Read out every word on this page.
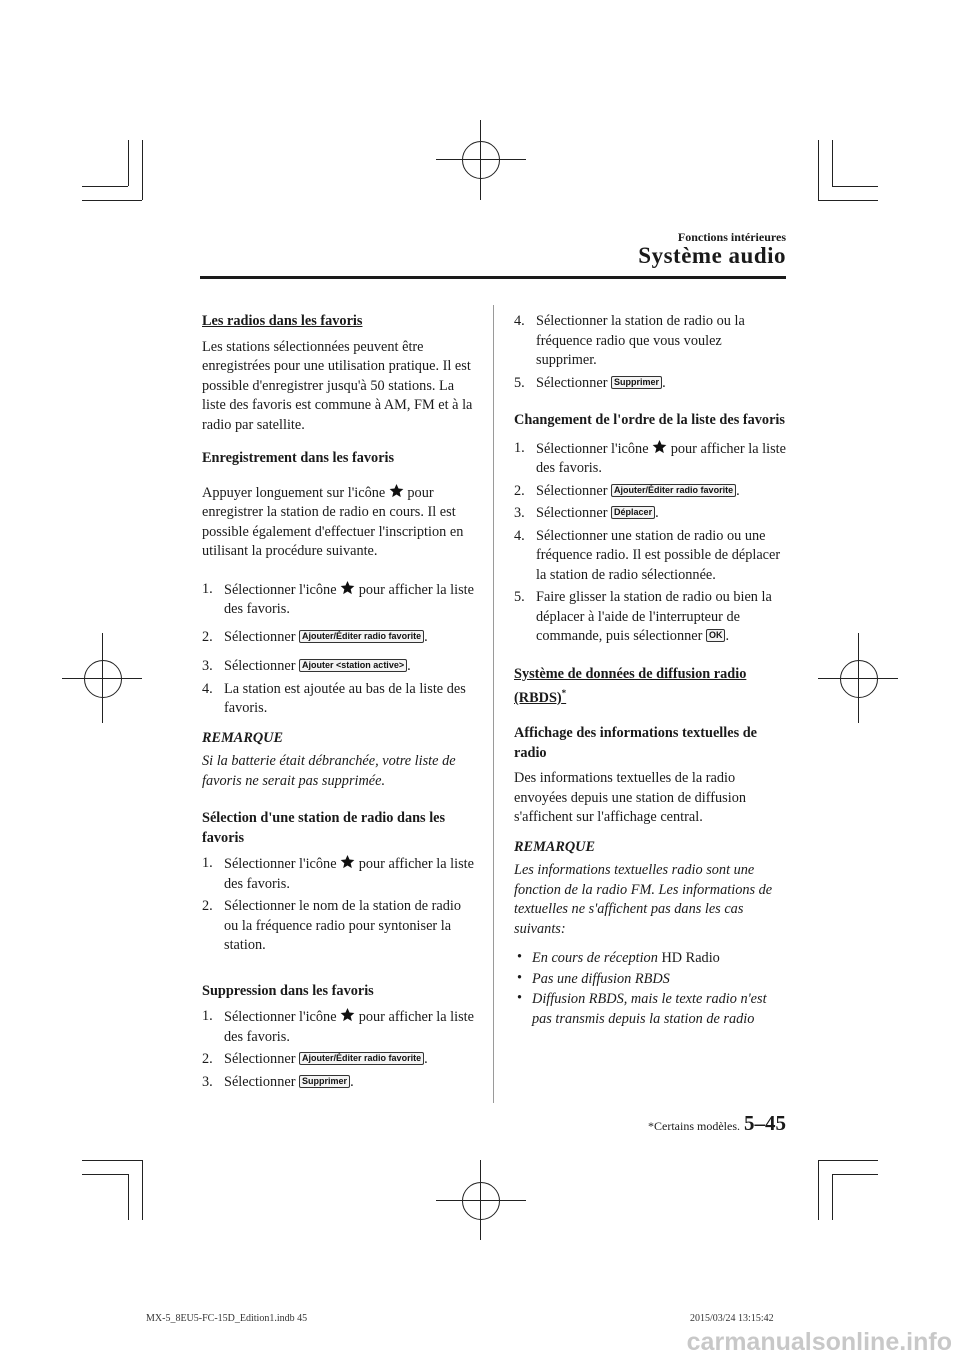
Fonctions intérieures
Système audio
Les radios dans les favoris
Les stations sélectionnées peuvent être enregistrées pour une utilisation pratique. Il est possible d'enregistrer jusqu'à 50 stations. La liste des favoris est commune à AM, FM et à la radio par satellite.
Enregistrement dans les favoris
Appuyer longuement sur l'icône pour enregistrer la station de radio en cours. Il est possible également d'effectuer l'inscription en utilisant la procédure suivante.
1. Sélectionner l'icône pour afficher la liste des favoris.
2. Sélectionner Ajouter/Éditer radio favorite .
3. Sélectionner Ajouter <station active> .
4. La station est ajoutée au bas de la liste des favoris.
REMARQUE
Si la batterie était débranchée, votre liste de favoris ne serait pas supprimée.
Sélection d'une station de radio dans les favoris
1. Sélectionner l'icône pour afficher la liste des favoris.
2. Sélectionner le nom de la station de radio ou la fréquence radio pour syntoniser la station.
Suppression dans les favoris
1. Sélectionner l'icône pour afficher la liste des favoris.
2. Sélectionner Ajouter/Éditer radio favorite .
3. Sélectionner Supprimer .
4. Sélectionner la station de radio ou la fréquence radio que vous voulez supprimer.
5. Sélectionner Supprimer .
Changement de l'ordre de la liste des favoris
1. Sélectionner l'icône pour afficher la liste des favoris.
2. Sélectionner Ajouter/Éditer radio favorite .
3. Sélectionner Déplacer .
4. Sélectionner une station de radio ou une fréquence radio. Il est possible de déplacer la station de radio sélectionnée.
5. Faire glisser la station de radio ou bien la déplacer à l'aide de l'interrupteur de commande, puis sélectionner OK .
Système de données de diffusion radio (RBDS)*
Affichage des informations textuelles de radio
Des informations textuelles de la radio envoyées depuis une station de diffusion s'affichent sur l'affichage central.
REMARQUE
Les informations textuelles radio sont une fonction de la radio FM. Les informations de textuelles ne s'affichent pas dans les cas suivants:
• En cours de réception HD Radio
• Pas une diffusion RBDS
• Diffusion RBDS, mais le texte radio n'est pas transmis depuis la station de radio
*Certains modèles. 5–45
MX-5_8EU5-FC-15D_Edition1.indb 45	2015/03/24 13:15:42
carmanualsonline.info
